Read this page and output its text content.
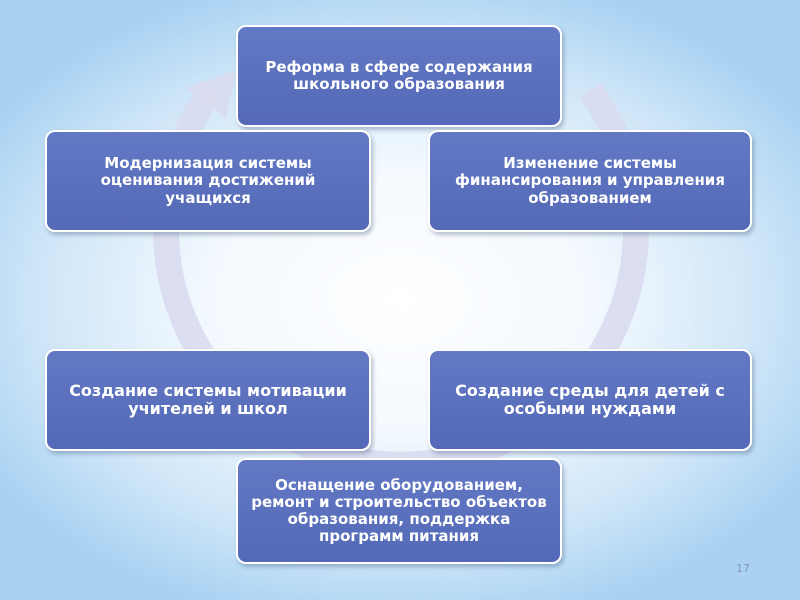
Реформа в сфере содержания школьного образования
Модернизация системы оценивания достижений учащихся
Изменение системы финансирования и управления образованием
Создание системы мотивации учителей и школ
Создание среды для детей с особыми нуждами
Оснащение оборудованием, ремонт и строительство объектов образования, поддержка программ питания
17
